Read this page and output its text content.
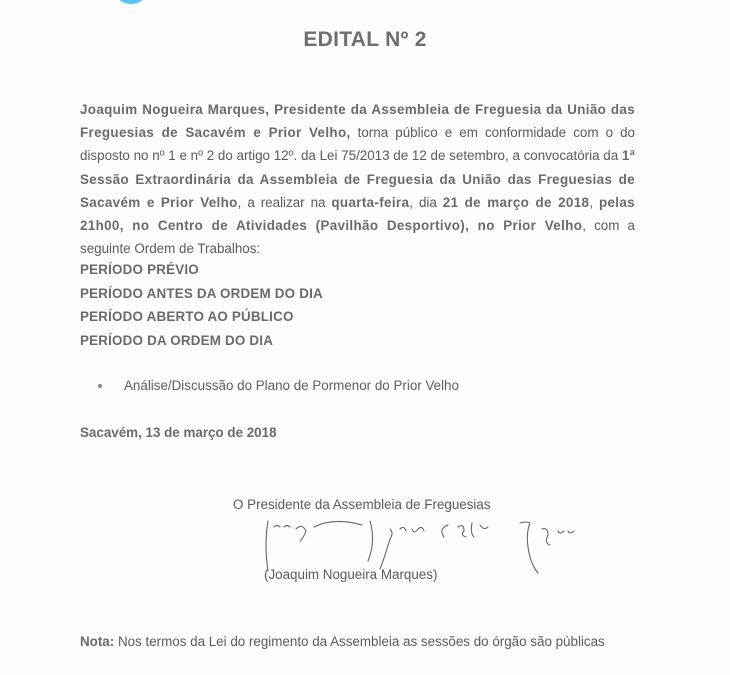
EDITAL Nº 2
Joaquim Nogueira Marques, Presidente da Assembleia de Freguesia da União das Freguesias de Sacavém e Prior Velho, torna público e em conformidade com o do disposto no nº 1 e nº 2 do artigo 12º. da Lei 75/2013 de 12 de setembro, a convocatória da 1ª Sessão Extraordinária da Assembleia de Freguesia da União das Freguesias de Sacavém e Prior Velho, a realizar na quarta-feira, dia 21 de março de 2018, pelas 21h00, no Centro de Atividades (Pavilhão Desportivo), no Prior Velho, com a seguinte Ordem de Trabalhos:
PERÍODO PRÉVIO
PERÍODO ANTES DA ORDEM DO DIA
PERÍODO ABERTO AO PÚBLICO
PERÍODO DA ORDEM DO DIA
Análise/Discussão do Plano de Pormenor do Prior Velho
Sacavém, 13 de março de 2018
O Presidente da Assembleia de Freguesias
(Joaquim Nogueira Marques)
Nota: Nos termos da Lei do regimento da Assembleia as sessões do órgão são públicas
